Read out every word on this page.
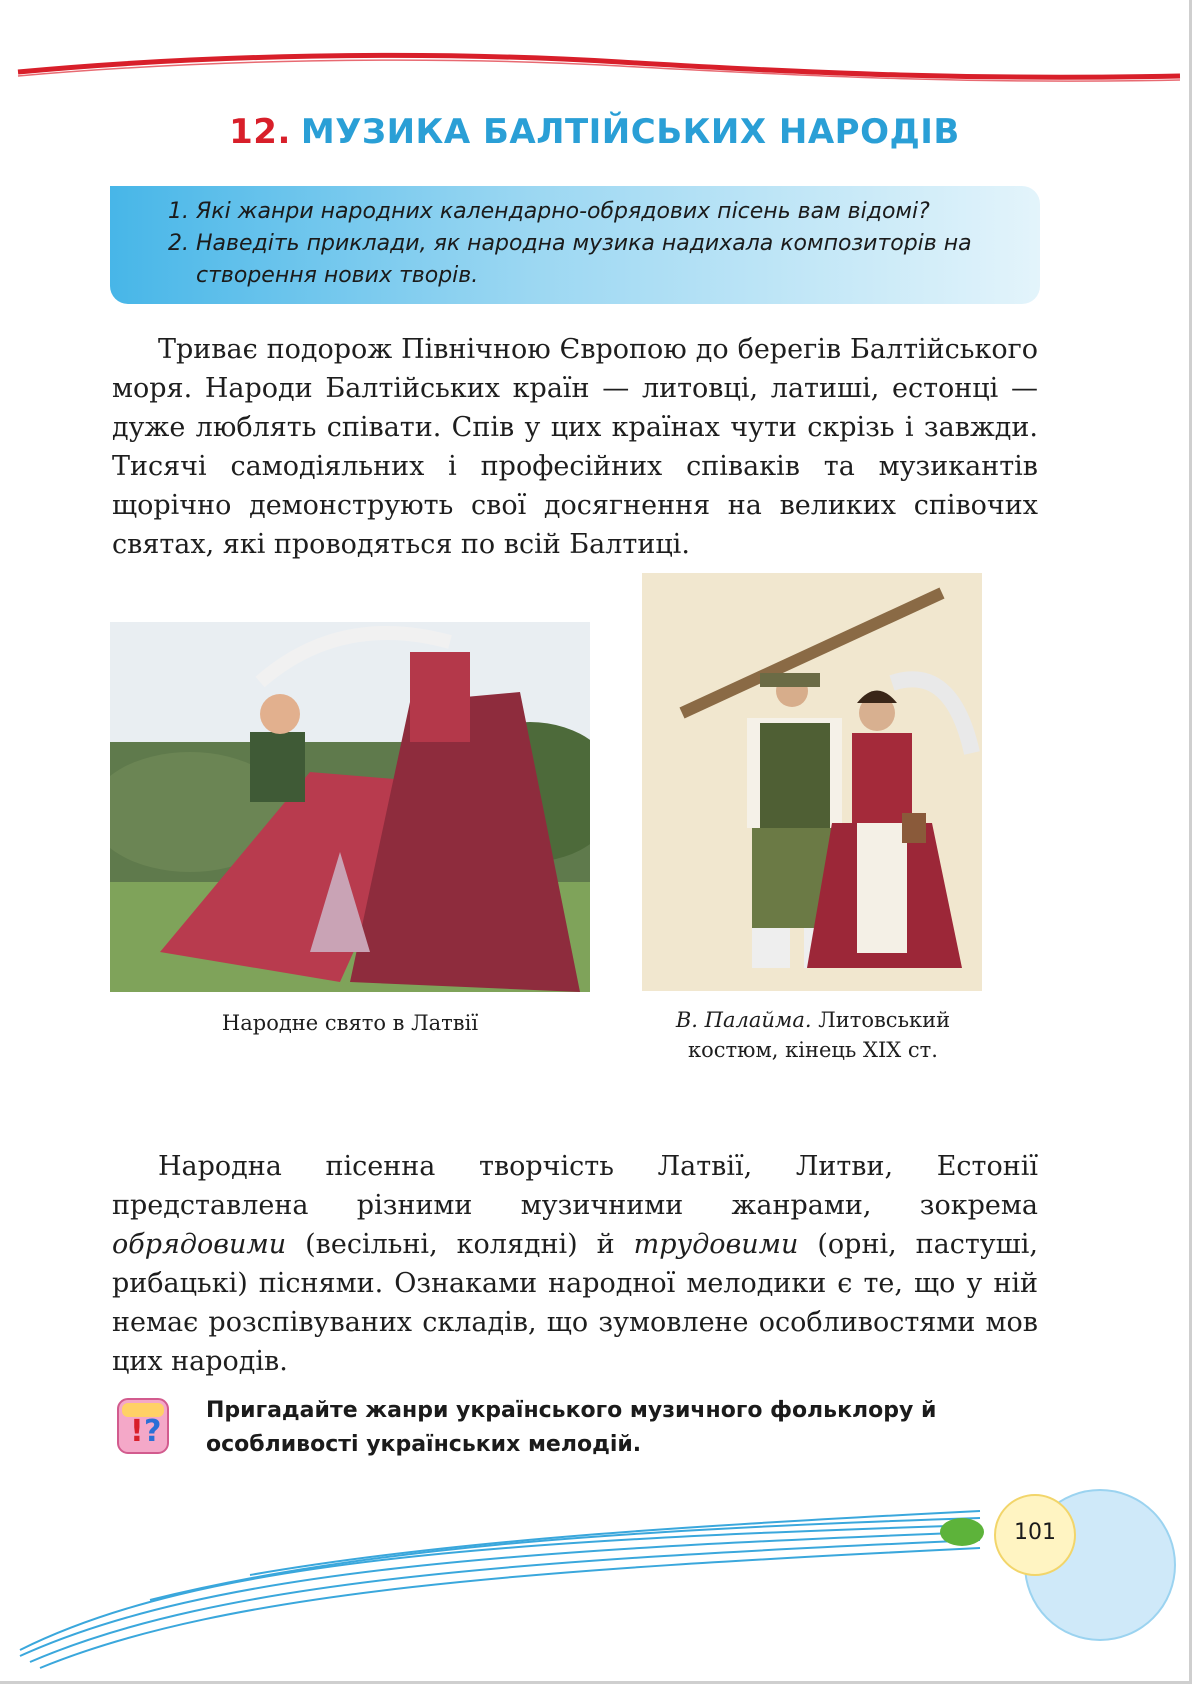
12. МУЗИКА БАЛТІЙСЬКИХ НАРОДІВ
1. Які жанри народних календарно-обрядових пісень вам відомі?
2. Наведіть приклади, як народна музика надихала композиторів на створення нових творів.

Триває подорож Північною Європою до берегів Балтійського моря. Народи Балтійських країн — литовці, латиші, естонці — дуже люблять співати. Спів у цих країнах чути скрізь і завжди. Тисячі самодіяльних і професійних співаків та музикантів щорічно демонструють свої досягнення на великих співочих святах, які проводяться по всій Балтиці.

Народне свято в Латвії	В. Палайма. Литовський костюм, кінець XIX ст.

Народна пісенна творчість Латвії, Литви, Естонії представлена різними музичними жанрами, зокрема обрядовими (весільні, колядні) й трудовими (орні, пастуші, рибацькі) піснями. Ознаками народної мелодики є те, що у ній немає розспівуваних складів, що зумовлене особливостями мов цих народів.

! ?
Пригадайте жанри українського музичного фольклору й особливості українських мелодій.
101
